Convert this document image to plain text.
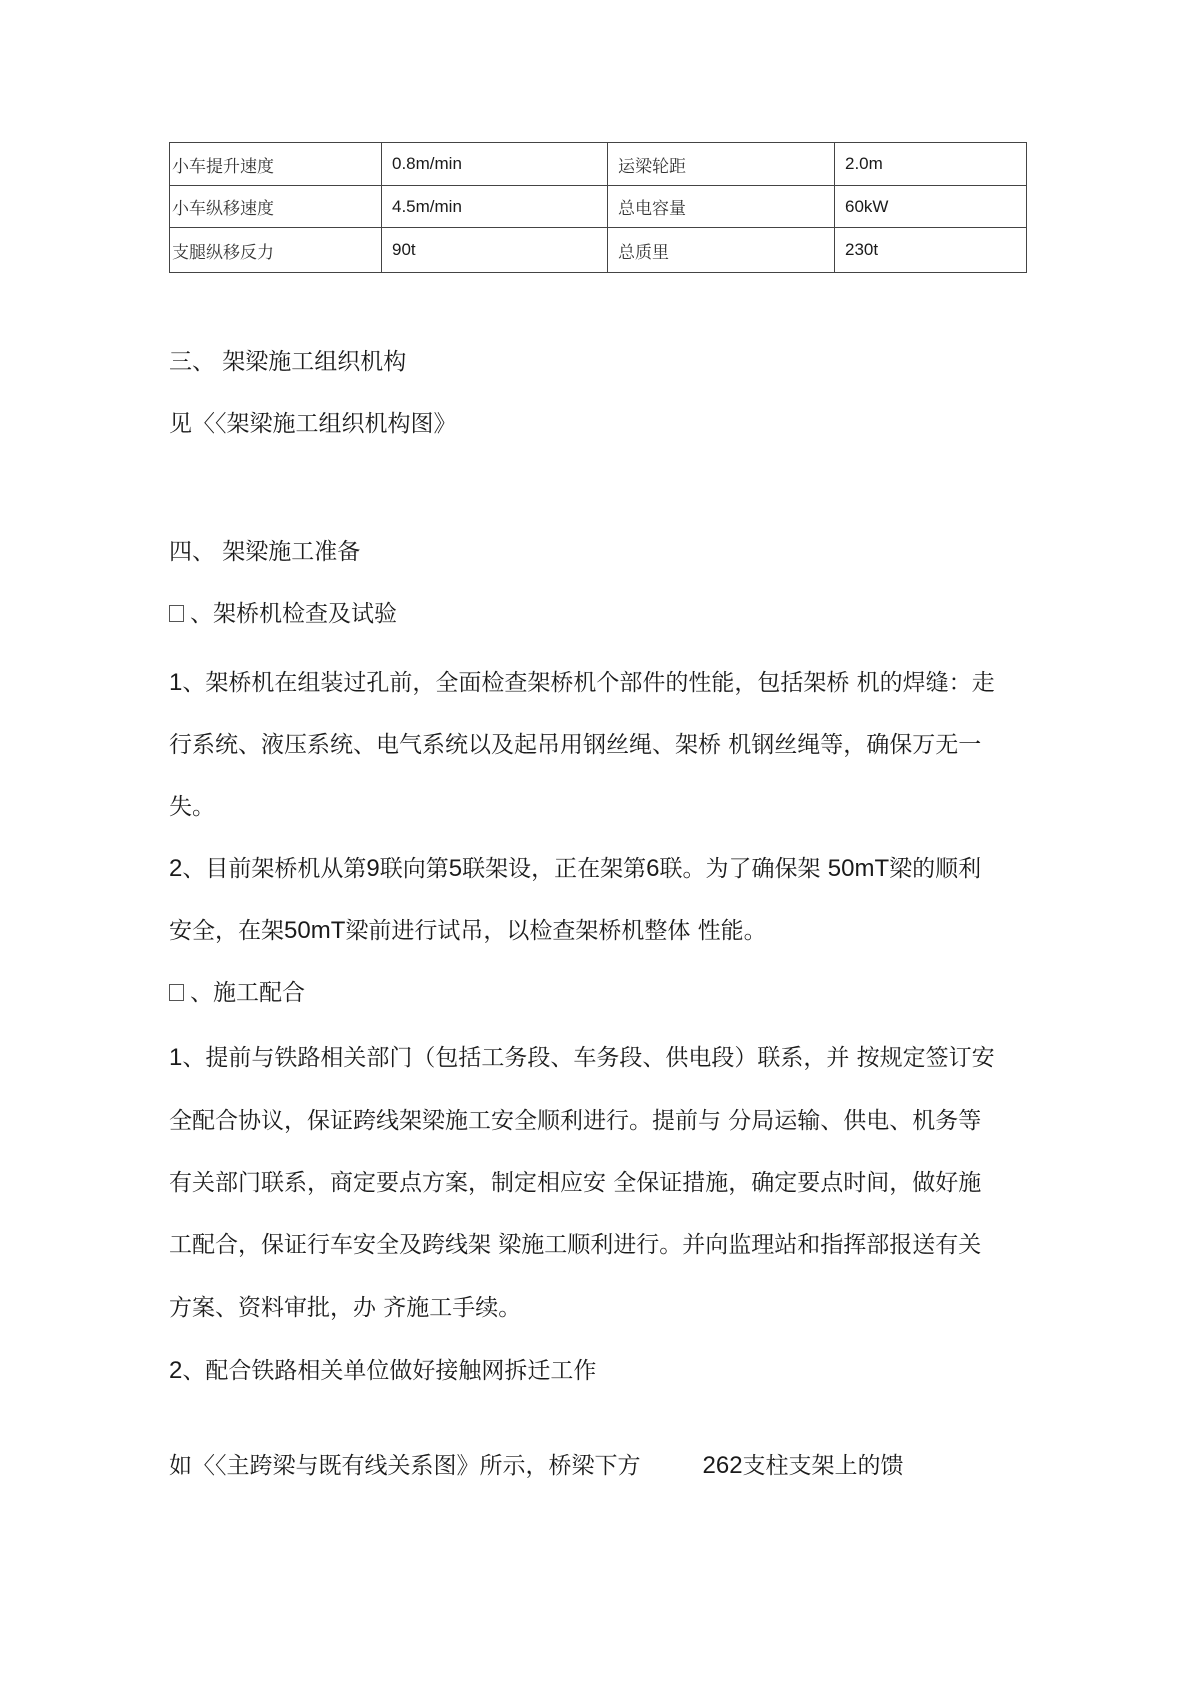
小车提升速度	0.8m/min	运梁轮距	2.0m
小车纵移速度	4.5m/min	总电容量	60kW
支腿纵移反力	90t	总质里	230t
三、 架梁施工组织机构
见〈〈架梁施工组织机构图》
四、 架梁施工准备
、架桥机检查及试验
1、架桥机在组装过孔前，全面检查架桥机个部件的性能，包括架桥 机的焊缝：走
行系统、液压系统、电气系统以及起吊用钢丝绳、架桥 机钢丝绳等，确保万无一
失。
2、目前架桥机从第9联向第5联架设，正在架第6联。为了确保架 50mT梁的顺利
安全，在架50mT梁前进行试吊，以检查架桥机整体 性能。
、施工配合
1、提前与铁路相关部门（包括工务段、车务段、供电段）联系，并 按规定签订安
全配合协议，保证跨线架梁施工安全顺利进行。提前与 分局运输、供电、机务等
有关部门联系，商定要点方案，制定相应安 全保证措施，确定要点时间，做好施
工配合，保证行车安全及跨线架 梁施工顺利进行。并向监理站和指挥部报送有关
方案、资料审批，办 齐施工手续。
2、配合铁路相关单位做好接触网拆迁工作
如〈〈主跨梁与既有线关系图》所示，桥梁下方	262支柱支架上的馈
